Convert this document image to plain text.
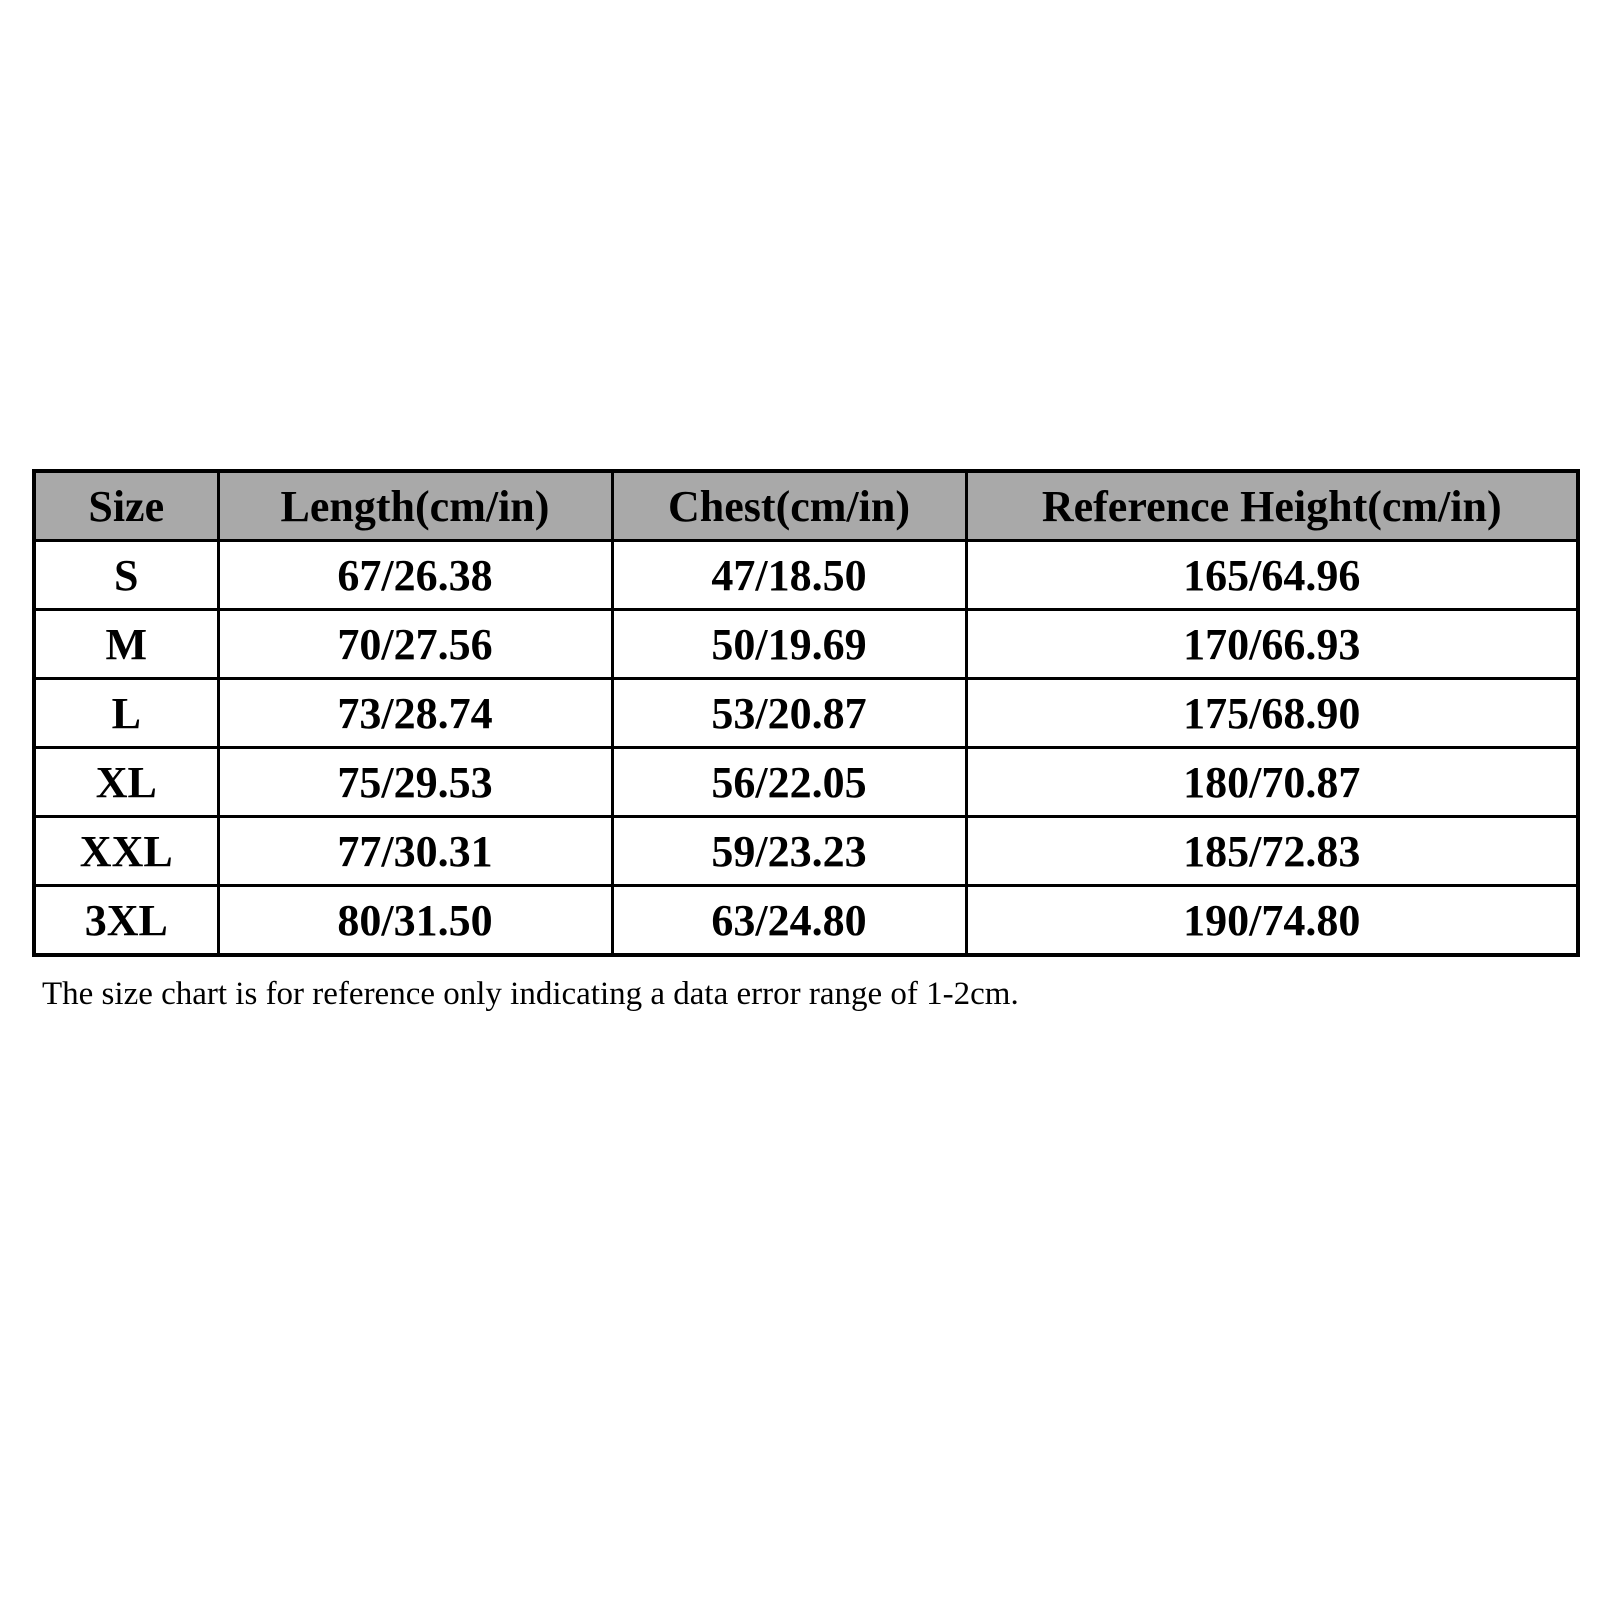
Size	Length(cm/in)	Chest(cm/in)	Reference Height(cm/in)
S	67/26.38	47/18.50	165/64.96
M	70/27.56	50/19.69	170/66.93
L	73/28.74	53/20.87	175/68.90
XL	75/29.53	56/22.05	180/70.87
XXL	77/30.31	59/23.23	185/72.83
3XL	80/31.50	63/24.80	190/74.80
The size chart is for reference only indicating a data error range of 1-2cm.
